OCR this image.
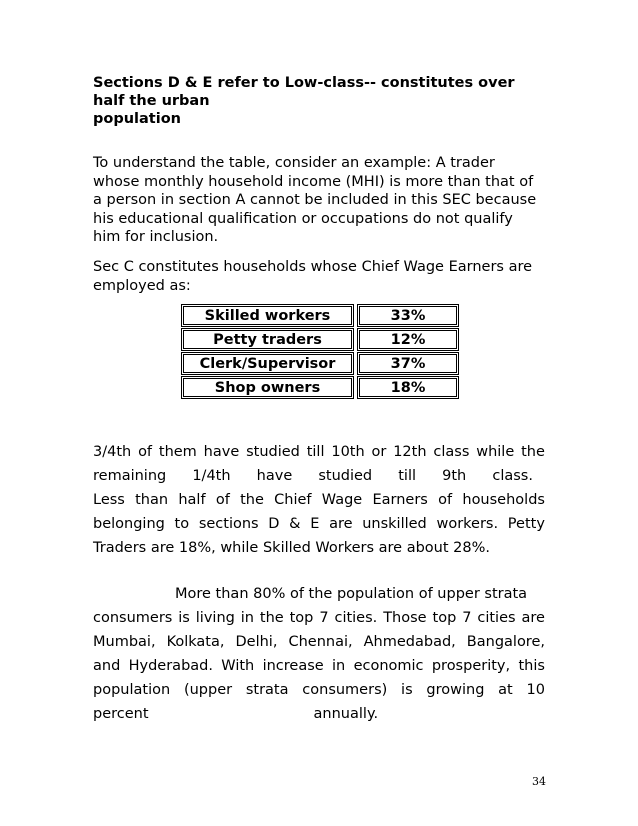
Sections D & E refer to Low-class-- constitutes over
half the urban
population
To understand the table, consider an example: A trader
whose monthly household income (MHI) is more than that of
a person in section A cannot be included in this SEC because
his educational qualification or occupations do not qualify
him for inclusion.
Sec C constitutes households whose Chief Wage Earners are
employed as:
Skilled workers		33%

Petty traders		12%

Clerk/Supervisor		37%

Shop owners		18%
3/4th of them have studied till 10th or 12th class while the
remaining 1/4th have studied till 9th class.
Less than half of the Chief Wage Earners of households
belonging to sections D & E are unskilled workers. Petty
Traders are 18%, while Skilled Workers are about 28%.
More than 80% of the population of upper strata
consumers is living in the top 7 cities. Those top 7 cities are
Mumbai, Kolkata, Delhi, Chennai, Ahmedabad, Bangalore,
and Hyderabad. With increase in economic prosperity, this
population (upper strata consumers) is growing at 10
percent	annually.
34
